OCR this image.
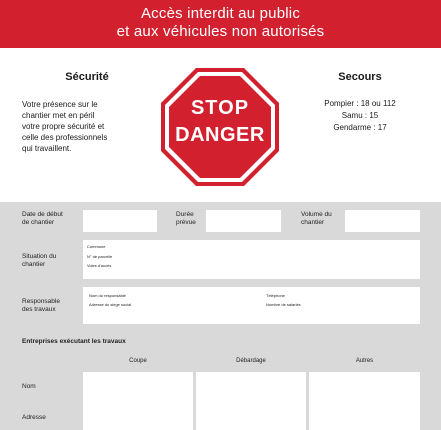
Accès interdit au public
et aux véhicules non autorisés
Sécurité
Votre présence sur le
chantier met en péril
votre propre sécurité et
celle des professionnels
qui travaillent.
STOP
DANGER
Secours
Pompier : 18 ou 112
Samu : 15
Gendarme : 17
Date de début
de chantier
Durée
prévue
Volume du
chantier
Situation du
chantier
Commune
N° de parcelle
Voies d'accès
Responsable
des travaux
Nom du responsable
Adresse du siège social
Téléphone
Nombre de salariés
Entreprises exécutant les travaux
Coupe	Débardage	Autres
Nom
Adresse
